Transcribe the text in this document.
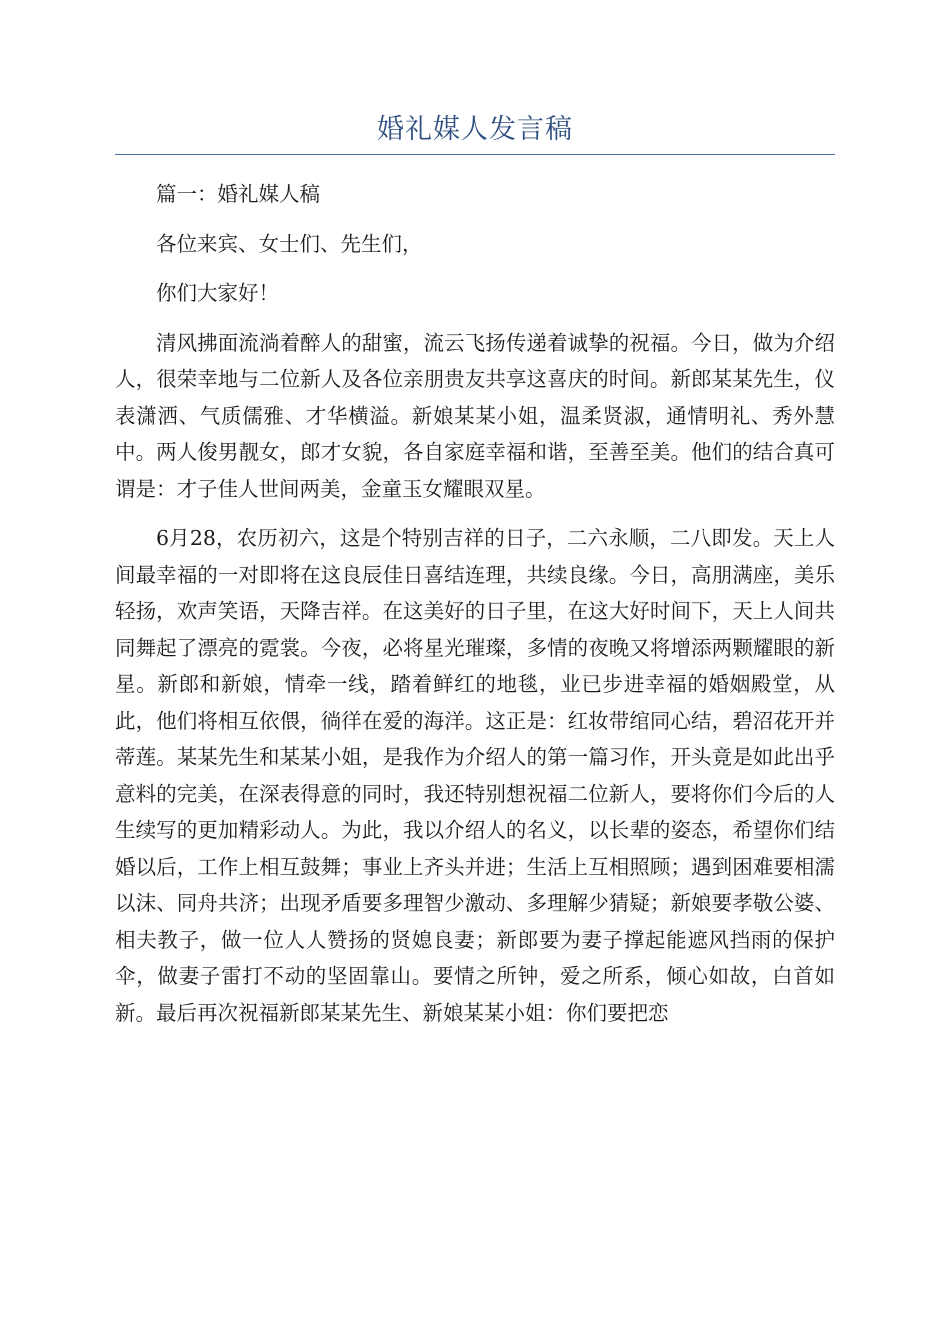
婚礼媒人发言稿

篇一：婚礼媒人稿

各位来宾、女士们、先生们，

你们大家好！

清风拂面流淌着醉人的甜蜜，流云飞扬传递着诚挚的祝福。今日，做为介绍人，很荣幸地与二位新人及各位亲朋贵友共享这喜庆的时间。新郎某某先生，仪表潇洒、气质儒雅、才华横溢。新娘某某小姐，温柔贤淑，通情明礼、秀外慧中。两人俊男靓女，郎才女貌，各自家庭幸福和谐，至善至美。他们的结合真可谓是：才子佳人世间两美，金童玉女耀眼双星。

6月28，农历初六，这是个特别吉祥的日子，二六永顺，二八即发。天上人间最幸福的一对即将在这良辰佳日喜结连理，共续良缘。今日，高朋满座，美乐轻扬，欢声笑语，天降吉祥。在这美好的日子里，在这大好时间下，天上人间共同舞起了漂亮的霓裳。今夜，必将星光璀璨，多情的夜晚又将增添两颗耀眼的新星。新郎和新娘，情牵一线，踏着鲜红的地毯，业已步进幸福的婚姻殿堂，从此，他们将相互依偎，徜徉在爱的海洋。这正是：红妆带绾同心结，碧沼花开并蒂莲。某某先生和某某小姐，是我作为介绍人的第一篇习作，开头竟是如此出乎意料的完美，在深表得意的同时，我还特别想祝福二位新人，要将你们今后的人生续写的更加精彩动人。为此，我以介绍人的名义，以长辈的姿态，希望你们结婚以后，工作上相互鼓舞；事业上齐头并进；生活上互相照顾；遇到困难要相濡以沫、同舟共济；出现矛盾要多理智少激动、多理解少猜疑；新娘要孝敬公婆、相夫教子，做一位人人赞扬的贤媳良妻；新郎要为妻子撑起能遮风挡雨的保护伞，做妻子雷打不动的坚固靠山。要情之所钟，爱之所系，倾心如故，白首如新。最后再次祝福新郎某某先生、新娘某某小姐：你们要把恋
